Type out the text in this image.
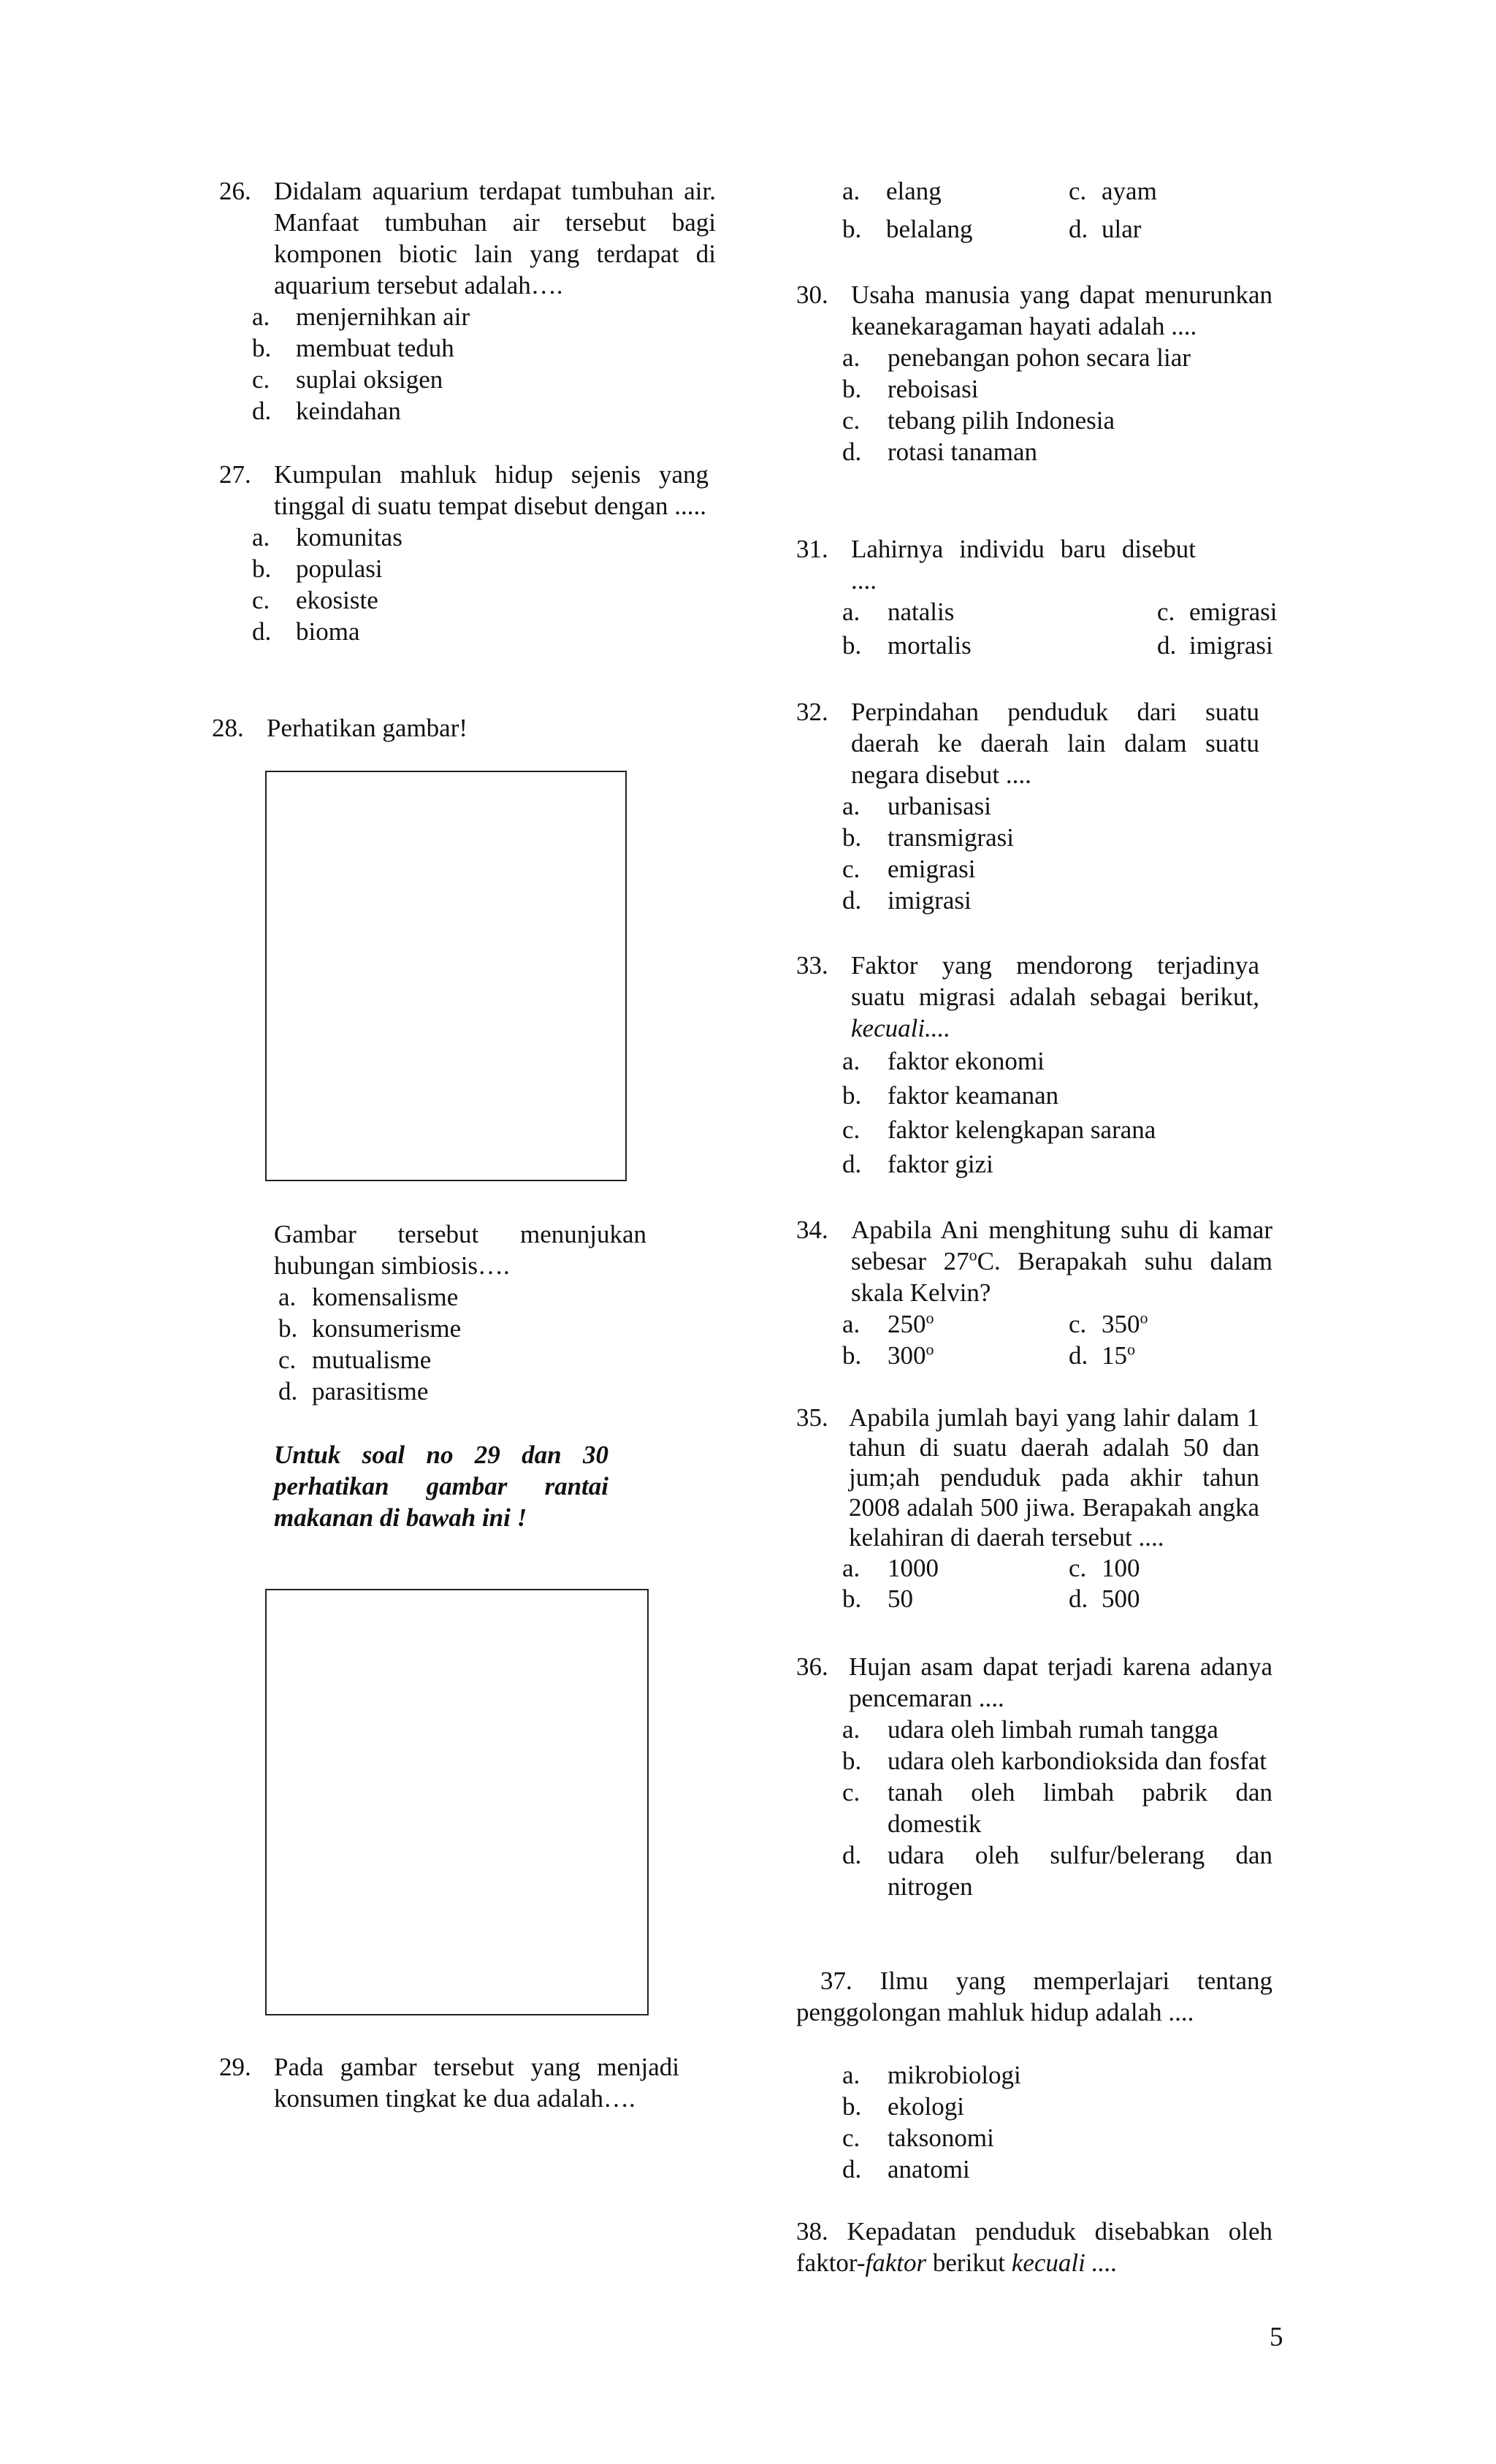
26. Didalam aquarium terdapat tumbuhan air. Manfaat tumbuhan air tersebut bagi komponen biotic lain yang terdapat di aquarium tersebut adalah….
a. menjernihkan air
b. membuat teduh
c. suplai oksigen
d. keindahan
27. Kumpulan mahluk hidup sejenis yang tinggal di suatu tempat disebut dengan .....
a. komunitas
b. populasi
c. ekosiste
d. bioma
28. Perhatikan gambar!
Gambar tersebut menunjukan hubungan simbiosis….
a. komensalisme
b. konsumerisme
c. mutualisme
d. parasitisme
Untuk soal no 29 dan 30 perhatikan gambar rantai makanan di bawah ini !
29. Pada gambar tersebut yang menjadi konsumen tingkat ke dua adalah….
a. elang	c. ayam
b. belalang	d. ular
30. Usaha manusia yang dapat menurunkan keanekaragaman hayati adalah ....
a. penebangan pohon secara liar
b. reboisasi
c. tebang pilih Indonesia
d. rotasi tanaman
31. Lahirnya individu baru disebut ....
a. natalis	c. emigrasi
b. mortalis	d. imigrasi
32. Perpindahan penduduk dari suatu daerah ke daerah lain dalam suatu negara disebut ....
a. urbanisasi
b. transmigrasi
c. emigrasi
d. imigrasi
33. Faktor yang mendorong terjadinya suatu migrasi adalah sebagai berikut, kecuali....
a. faktor ekonomi
b. faktor keamanan
c. faktor kelengkapan sarana
d. faktor gizi
34. Apabila Ani menghitung suhu di kamar sebesar 27$^o$C. Berapakah suhu dalam skala Kelvin?
a. 250$^o$	c. 350$^o$
b. 300$^o$	d. 15$^o$
35. Apabila jumlah bayi yang lahir dalam 1 tahun di suatu daerah adalah 50 dan jum;ah penduduk pada akhir tahun 2008 adalah 500 jiwa. Berapakah angka kelahiran di daerah tersebut ....
a. 1000	c. 100
b. 50	d. 500
36. Hujan asam dapat terjadi karena adanya pencemaran ....
a. udara oleh limbah rumah tangga
b. udara oleh karbondioksida dan fosfat
c. tanah oleh limbah pabrik dan domestik
d. udara oleh sulfur/belerang dan nitrogen
37. Ilmu yang memperlajari tentang penggolongan mahluk hidup adalah ....
a. mikrobiologi
b. ekologi
c. taksonomi
d. anatomi
38. Kepadatan penduduk disebabkan oleh faktor-faktor berikut kecuali ....
5
